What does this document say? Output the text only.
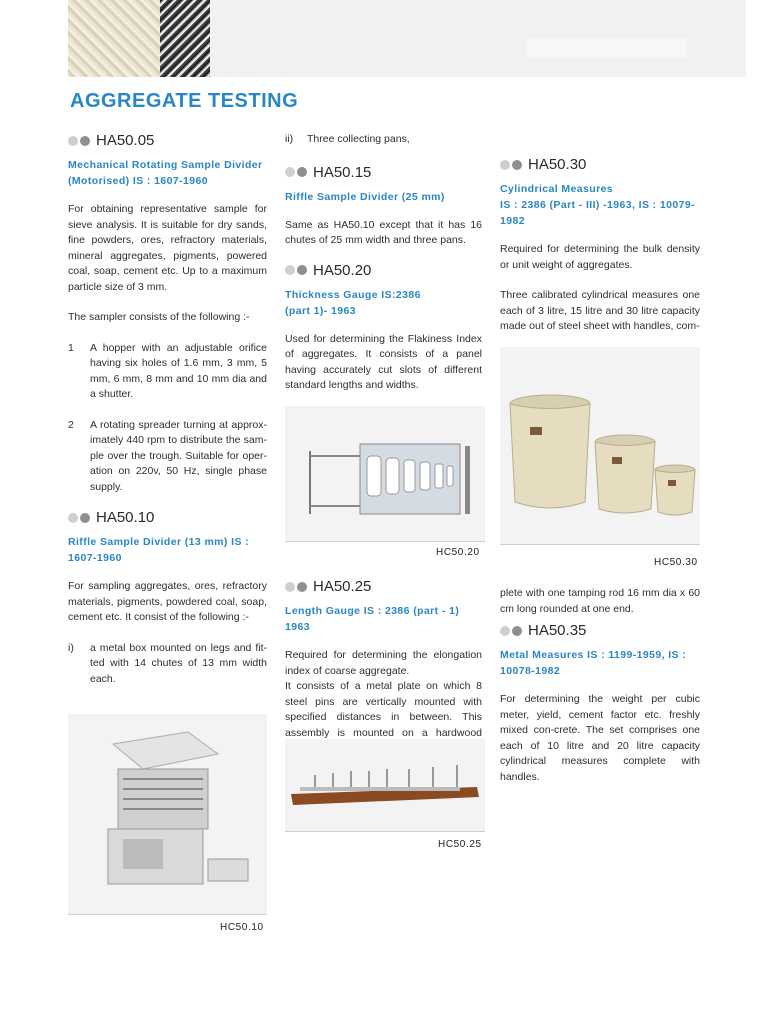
AGGREGATE TESTING
HA50.05
Mechanical Rotating Sample Divider (Motorised) IS : 1607-1960

For obtaining representative sample for sieve analysis. It is suitable for dry sands, fine powders, ores, refractory materials, mineral aggregates, pigments, powered coal, soap, cement etc. Up to a maximum particle size of 3 mm.

The sampler consists of the following :-

1	A hopper with an adjustable orifice having six holes of 1.6 mm, 3 mm, 5 mm, 6 mm, 8 mm and 10 mm dia and a shutter.
2	A rotating spreader turning at approx-imately 440 rpm to distribute the sam-ple over the trough. Suitable for oper-ation on 220v, 50 Hz, single phase supply.
HA50.10
Riffle Sample Divider (13 mm) IS : 1607-1960

For sampling aggregates, ores, refractory materials, pigments, powdered coal, soap, cement etc. It consist of the following :-

i)	a metal box mounted on legs and fit-ted with 14 chutes of 13 mm width each.
HC50.10
ii)	Three collecting pans,
HA50.15
Riffle Sample Divider (25 mm)

Same as HA50.10 except that it has 16 chutes of 25 mm width and three pans.

HA50.20
Thickness Gauge IS:2386
(part 1)- 1963

Used for determining the Flakiness Index of aggregates. It consists of a panel having accurately cut slots of different standard lengths and widths.

HC50.20
HA50.25
Length Gauge IS : 2386 (part - 1) 1963

Required for determining the elongation index of coarse aggregate.

It consists of a metal plate on which 8 steel pins are vertically mounted with specified distances in between. This assembly is mounted on a hardwood

HC50.25
HA50.30
Cylindrical Measures
IS : 2386 (Part - III) -1963, IS : 10079-1982

Required for determining the bulk density or unit weight of aggregates.

Three calibrated cylindrical measures one each of 3 litre, 15 litre and 30 litre capacity made out of steel sheet with handles, com-

HC50.30

plete with one tamping rod 16 mm dia x 60 cm long rounded at one end.

HA50.35
Metal Measures IS : 1199-1959, IS : 10078-1982

For determining the weight per cubic meter, yield, cement factor etc. freshly mixed con-crete. The set comprises one each of 10 litre and 20 litre capacity cylindrical measures complete with handles.
